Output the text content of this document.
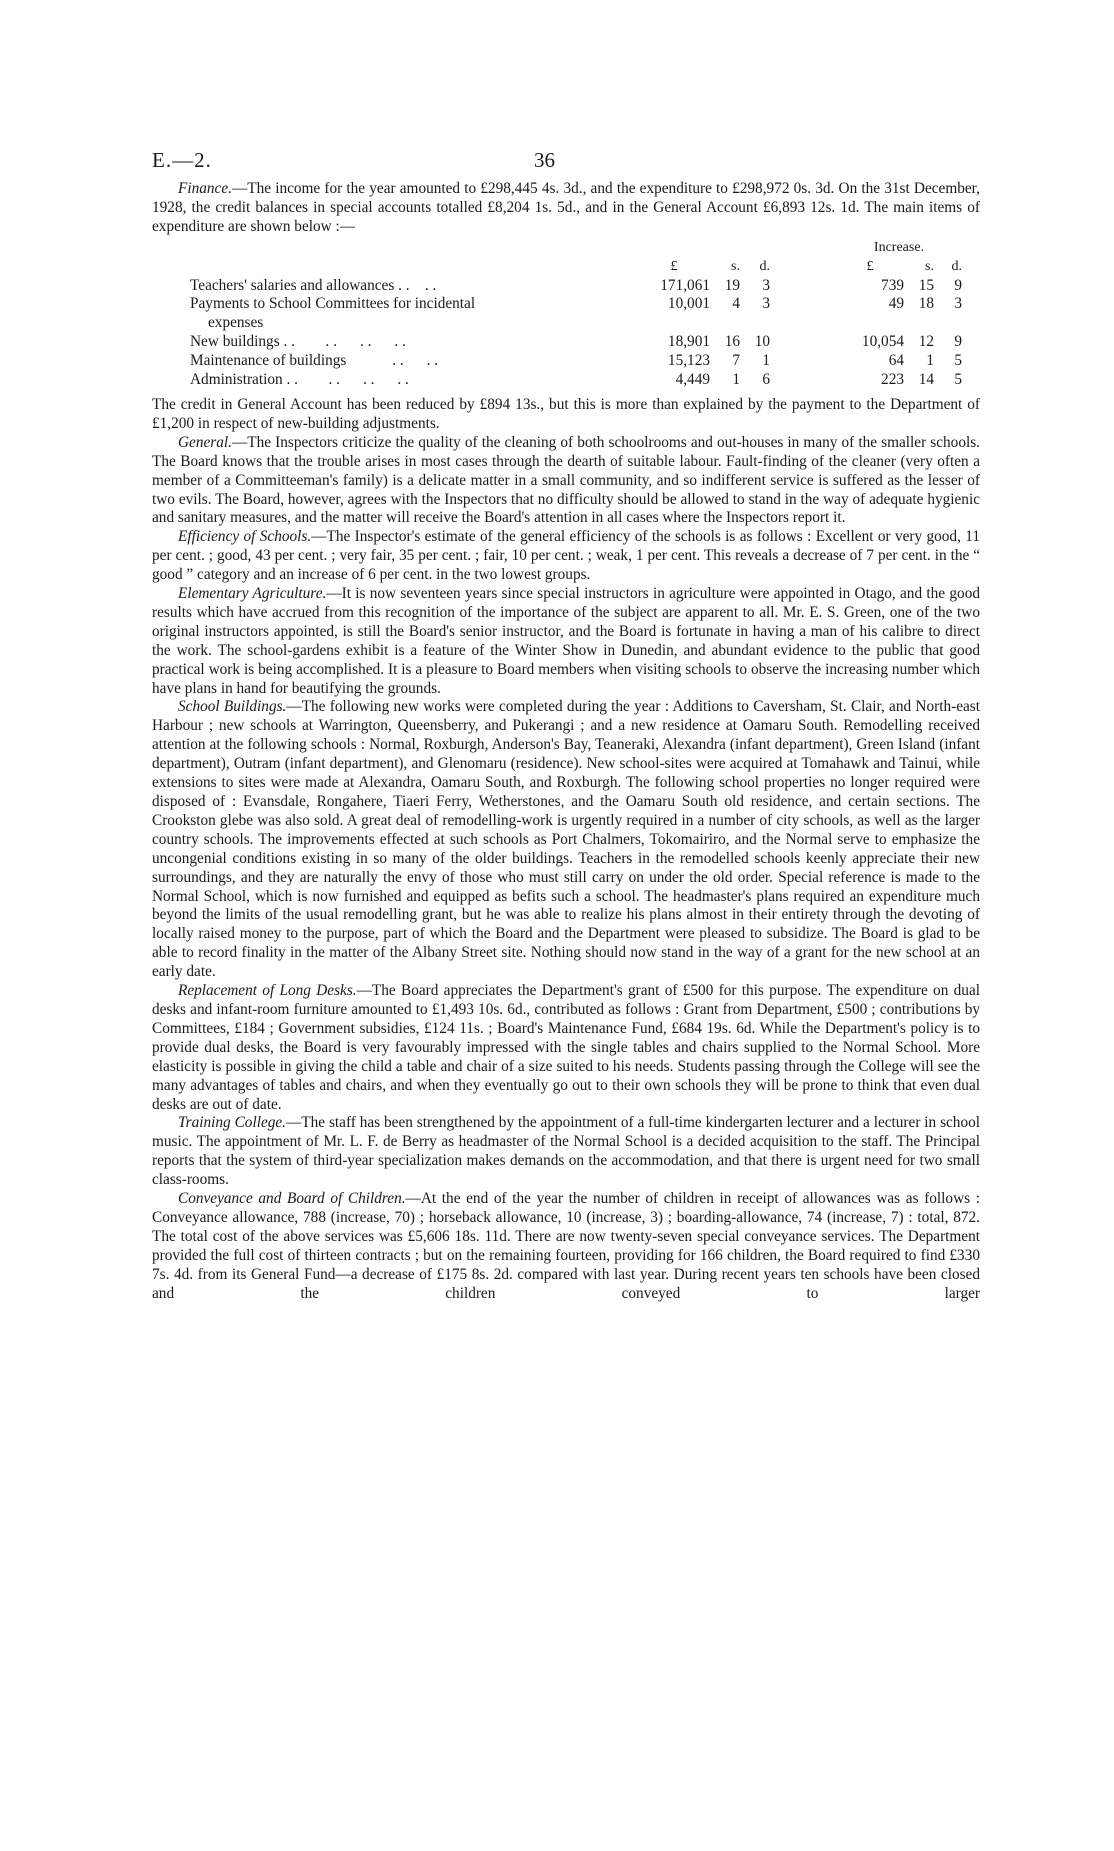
E.—2.	36

Finance.—The income for the year amounted to £298,445 4s. 3d., and the expenditure to £298,972 0s. 3d. On the 31st December, 1928, the credit balances in special accounts totalled £8,204 1s. 5d., and in the General Account £6,893 12s. 1d. The main items of expenditure are shown below :—

					Increase.		
	£	s.	d.		£	s.	d.
Teachers' salaries and allowances . . . .	171,061	19	3		739	15	9
Payments to School Committees for incidental	10,001	4	3		49	18	3
expenses							
New buildings . . . .      . .      . .	18,901	16	10		10,054	12	9
Maintenance of buildings . .      . .	15,123	7	1		64	1	5
Administration . . . .      . .      . .	4,449	1	6		223	14	5

The credit in General Account has been reduced by £894 13s., but this is more than explained by the payment to the Department of £1,200 in respect of new-building adjustments.

General.—The Inspectors criticize the quality of the cleaning of both schoolrooms and out-houses in many of the smaller schools. The Board knows that the trouble arises in most cases through the dearth of suitable labour. Fault-finding of the cleaner (very often a member of a Committeeman's family) is a delicate matter in a small community, and so indifferent service is suffered as the lesser of two evils. The Board, however, agrees with the Inspectors that no difficulty should be allowed to stand in the way of adequate hygienic and sanitary measures, and the matter will receive the Board's attention in all cases where the Inspectors report it.

Efficiency of Schools.—The Inspector's estimate of the general efficiency of the schools is as follows : Excellent or very good, 11 per cent. ; good, 43 per cent. ; very fair, 35 per cent. ; fair, 10 per cent. ; weak, 1 per cent. This reveals a decrease of 7 per cent. in the “ good ” category and an increase of 6 per cent. in the two lowest groups.

Elementary Agriculture.—It is now seventeen years since special instructors in agriculture were appointed in Otago, and the good results which have accrued from this recognition of the importance of the subject are apparent to all. Mr. E. S. Green, one of the two original instructors appointed, is still the Board's senior instructor, and the Board is fortunate in having a man of his calibre to direct the work. The school-gardens exhibit is a feature of the Winter Show in Dunedin, and abundant evidence to the public that good practical work is being accomplished. It is a pleasure to Board members when visiting schools to observe the increasing number which have plans in hand for beautifying the grounds.

School Buildings.—The following new works were completed during the year : Additions to Caversham, St. Clair, and North-east Harbour ; new schools at Warrington, Queensberry, and Pukerangi ; and a new residence at Oamaru South. Remodelling received attention at the following schools : Normal, Roxburgh, Anderson's Bay, Teaneraki, Alexandra (infant department), Green Island (infant department), Outram (infant department), and Glenomaru (residence). New school-sites were acquired at Tomahawk and Tainui, while extensions to sites were made at Alexandra, Oamaru South, and Roxburgh. The following school properties no longer required were disposed of : Evansdale, Rongahere, Tiaeri Ferry, Wetherstones, and the Oamaru South old residence, and certain sections. The Crookston glebe was also sold. A great deal of remodelling-work is urgently required in a number of city schools, as well as the larger country schools. The improvements effected at such schools as Port Chalmers, Tokomairiro, and the Normal serve to emphasize the uncongenial conditions existing in so many of the older buildings. Teachers in the remodelled schools keenly appreciate their new surroundings, and they are naturally the envy of those who must still carry on under the old order. Special reference is made to the Normal School, which is now furnished and equipped as befits such a school. The headmaster's plans required an expenditure much beyond the limits of the usual remodelling grant, but he was able to realize his plans almost in their entirety through the devoting of locally raised money to the purpose, part of which the Board and the Department were pleased to subsidize. The Board is glad to be able to record finality in the matter of the Albany Street site. Nothing should now stand in the way of a grant for the new school at an early date.

Replacement of Long Desks.—The Board appreciates the Department's grant of £500 for this purpose. The expenditure on dual desks and infant-room furniture amounted to £1,493 10s. 6d., contributed as follows : Grant from Department, £500 ; contributions by Committees, £184 ; Government subsidies, £124 11s. ; Board's Maintenance Fund, £684 19s. 6d. While the Department's policy is to provide dual desks, the Board is very favourably impressed with the single tables and chairs supplied to the Normal School. More elasticity is possible in giving the child a table and chair of a size suited to his needs. Students passing through the College will see the many advantages of tables and chairs, and when they eventually go out to their own schools they will be prone to think that even dual desks are out of date.

Training College.—The staff has been strengthened by the appointment of a full-time kindergarten lecturer and a lecturer in school music. The appointment of Mr. L. F. de Berry as headmaster of the Normal School is a decided acquisition to the staff. The Principal reports that the system of third-year specialization makes demands on the accommodation, and that there is urgent need for two small class-rooms.

Conveyance and Board of Children.—At the end of the year the number of children in receipt of allowances was as follows : Conveyance allowance, 788 (increase, 70) ; horseback allowance, 10 (increase, 3) ; boarding-allowance, 74 (increase, 7) : total, 872. The total cost of the above services was £5,606 18s. 11d. There are now twenty-seven special conveyance services. The Department provided the full cost of thirteen contracts ; but on the remaining fourteen, providing for 166 children, the Board required to find £330 7s. 4d. from its General Fund—a decrease of £175 8s. 2d. compared with last year. During recent years ten schools have been closed and the children conveyed to larger
